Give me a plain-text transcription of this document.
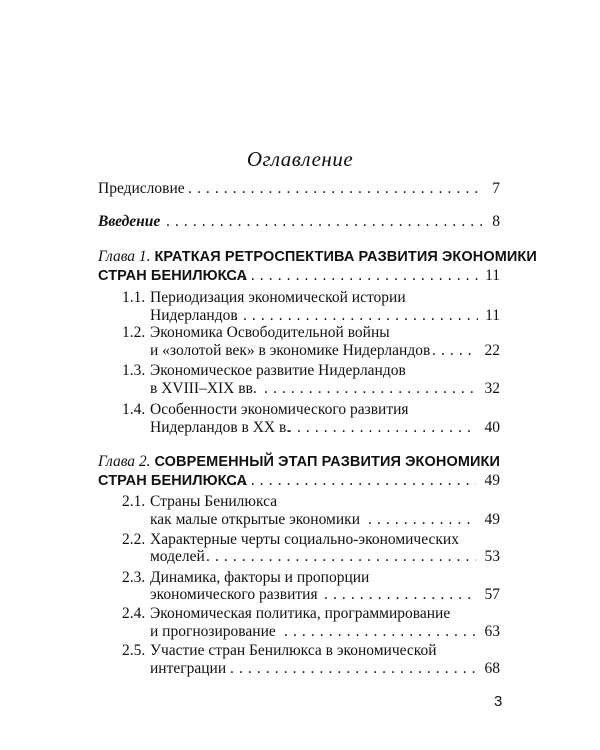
Оглавление
Предисловие . . .	7
Введение . . .	8
Глава 1. КРАТКАЯ РЕТРОСПЕКТИВА РАЗВИТИЯ ЭКОНОМИКИ
СТРАН БЕНИЛЮКСА . . .	11
1.1. Периодизация экономической истории
Нидерландов . . .	11
1.2. Экономика Освободительной войны
и «золотой век» в экономике Нидерландов . . .	22
1.3. Экономическое развитие Нидерландов
в XVIII–XIX вв. . . .	32
1.4. Особенности экономического развития
Нидерландов в XX в. . . .	40
Глава 2. СОВРЕМЕННЫЙ ЭТАП РАЗВИТИЯ ЭКОНОМИКИ
СТРАН БЕНИЛЮКСА . . .	49
2.1. Страны Бенилюкса
как малые открытые экономики . . .	49
2.2. Характерные черты социально-экономических
моделей . . .	53
2.3. Динамика, факторы и пропорции
экономического развития . . .	57
2.4. Экономическая политика, программирование
и прогнозирование . . .	63
2.5. Участие стран Бенилюкса в экономической
интеграции . . .	68
3
